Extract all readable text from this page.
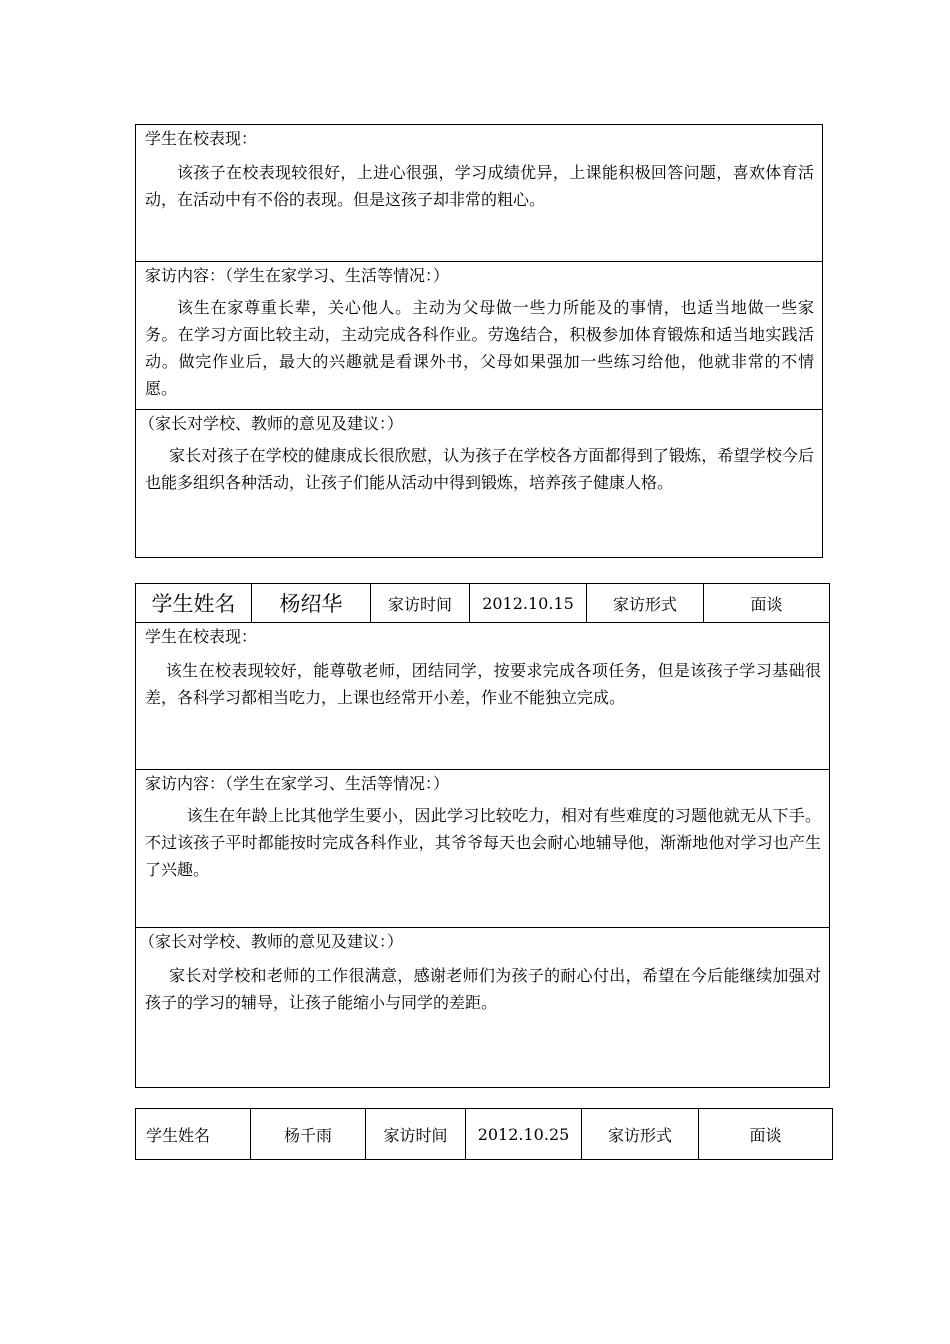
学生在校表现：
该孩子在校表现较很好，上进心很强，学习成绩优异，上课能积极回答问题，喜欢体育活动，在活动中有不俗的表现。但是这孩子却非常的粗心。
家访内容：（学生在家学习、生活等情况：）
该生在家尊重长辈，关心他人。主动为父母做一些力所能及的事情，也适当地做一些家务。在学习方面比较主动，主动完成各科作业。劳逸结合，积极参加体育锻炼和适当地实践活动。做完作业后，最大的兴趣就是看课外书，父母如果强加一些练习给他，他就非常的不情愿。
（家长对学校、教师的意见及建议：）
家长对孩子在学校的健康成长很欣慰，认为孩子在学校各方面都得到了锻炼，希望学校今后也能多组织各种活动，让孩子们能从活动中得到锻炼，培养孩子健康人格。
学生姓名	杨绍华	家访时间	2012.10.15	家访形式	面谈
学生在校表现：
该生在校表现较好，能尊敬老师，团结同学，按要求完成各项任务，但是该孩子学习基础很差，各科学习都相当吃力，上课也经常开小差，作业不能独立完成。
家访内容：（学生在家学习、生活等情况：）
该生在年龄上比其他学生要小，因此学习比较吃力，相对有些难度的习题他就无从下手。不过该孩子平时都能按时完成各科作业，其爷爷每天也会耐心地辅导他，渐渐地他对学习也产生了兴趣。
（家长对学校、教师的意见及建议：）
家长对学校和老师的工作很满意，感谢老师们为孩子的耐心付出，希望在今后能继续加强对孩子的学习的辅导，让孩子能缩小与同学的差距。
学生姓名	杨千雨	家访时间	2012.10.25	家访形式	面谈
